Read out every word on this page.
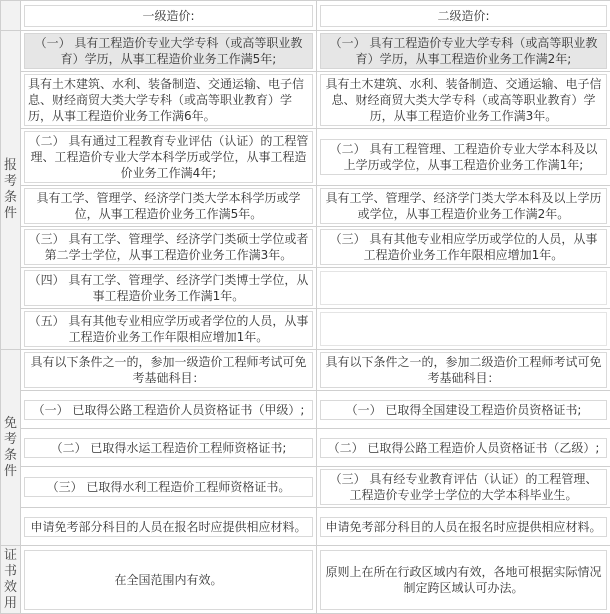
	一级造价:	二级造价:

报考条件	（一） 具有工程造价专业大学专科（或高等职业教育）学历，从事工程造价业务工作满5年;	（一） 具有工程造价专业大学专科（或高等职业教育）学历，从事工程造价业务工作满2年;

	具有土木建筑、水利、装备制造、交通运输、电子信息、财经商贸大类大学专科（或高等职业教育）学历，从事工程造价业务工作满6年。	具有土木建筑、水利、装备制造、交通运输、电子信息、财经商贸大类大学专科（或高等职业教育）学历，从事工程造价业务工作满3年。

	（二） 具有通过工程教育专业评估（认证）的工程管理、工程造价专业大学本科学历或学位，从事工程造价业务工作满4年;	（二） 具有工程管理、工程造价专业大学本科及以上学历或学位，从事工程造价业务工作满1年;

	具有工学、管理学、经济学门类大学本科学历或学位，从事工程造价业务工作满5年。	具有工学、管理学、经济学门类大学本科及以上学历或学位，从事工程造价业务工作满2年。

	（三） 具有工学、管理学、经济学门类硕士学位或者第二学士学位，从事工程造价业务工作满3年。	（三） 具有其他专业相应学历或学位的人员，从事工程造价业务工作年限相应增加1年。

	（四） 具有工学、管理学、经济学门类博士学位，从事工程造价业务工作满1年。	

	（五） 具有其他专业相应学历或者学位的人员，从事工程造价业务工作年限相应增加1年。	

免考条件	具有以下条件之一的，参加一级造价工程师考试可免考基础科目：	具有以下条件之一的，参加二级造价工程师考试可免考基础科目：

	（一） 已取得公路工程造价人员资格证书（甲级）;	（一） 已取得全国建设工程造价员资格证书;

	（二） 已取得水运工程造价工程师资格证书;	（二） 已取得公路工程造价人员资格证书（乙级）;

	（三） 已取得水利工程造价工程师资格证书。	（三） 具有经专业教育评估（认证）的工程管理、工程造价专业学士学位的大学本科毕业生。

	申请免考部分科目的人员在报名时应提供相应材料。	申请免考部分科目的人员在报名时应提供相应材料。

证书效用	在全国范围内有效。	原则上在所在行政区域内有效，各地可根据实际情况制定跨区域认可办法。
